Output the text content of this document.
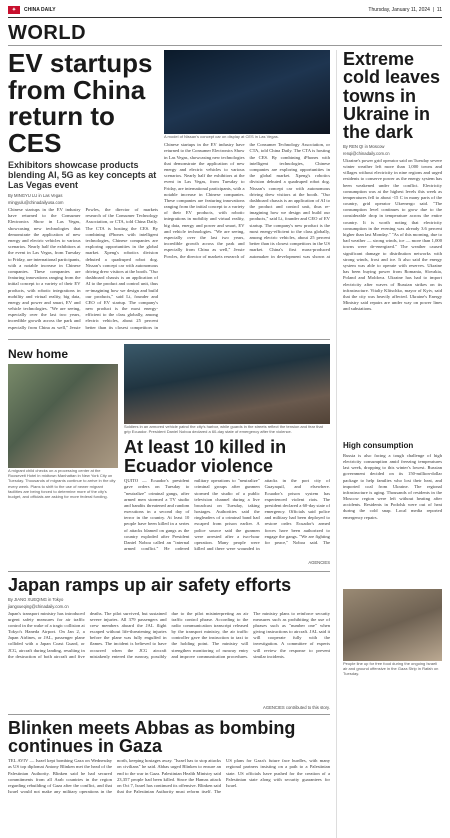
✦	CHINA DAILY	Thursday, January 11, 2024  |  11
WORLD
EV startups from China return to CES
Exhibitors showcase products blending AI, 5G as key concepts at Las Vegas event
By MINGYU LU in Las Vegas
mingyulu@chinadailyusa.com

Chinese startups in the EV industry have returned to the Consumer Electronics Show in Las Vegas, showcasing new technologies that demonstrate the application of new energy and electric vehicles to various scenarios. Nearly half the exhibitors at the event in Las Vegas, from Tuesday to Friday, are international participants, with a notable increase in Chinese companies. These companies are featuring innovations ranging from the initial concept to a variety of their EV products, with robotic integrations in mobility and virtual reality, big data, energy and power and smart, EV and vehicle technologies. "We are seeing, especially over the last two years, incredible growth across the park and especially from China as well," Jessie Powles, the director of markets research of the Consumer Technology Association, or CTA, told China Daily. The CTA is hosting the CES. By combining iPhones with intelligent technologies, Chinese companies are exploring opportunities in the global market. Xpeng's robotics division debuted a quadruped robot dog. Nissan’s concept car with autonomous driving drew visitors at the booth. "Our dashboard chassis is an application of AI to the product and control unit, thus re-imagining how we design and build our products," said Li, founder and CEO of EV startup. The company's new product is the most energy-efficient to the class globally, among electric vehicles, about 25 percent better than its closest competitors in

A model of Nissan's concept car on display at CES in Las Vegas.

Chinese startups in the EV industry have returned to the Consumer Electronics Show in Las Vegas, showcasing new technologies that demonstrate the application of new energy and electric vehicles to various scenarios. Nearly half the exhibitors at the event in Las Vegas, from Tuesday to Friday, are international participants, with a notable increase in Chinese companies. These companies are featuring innovations ranging from the initial concept to a variety of their EV products, with robotic integrations in mobility and virtual reality, big data, energy and power and smart, EV and vehicle technologies. "We are seeing, especially over the last two years, incredible growth across the park and especially from China as well," Jessie Powles, the director of markets research of the Consumer Technology Association, or CTA, told China Daily. The CTA is hosting the CES. By combining iPhones with intelligent technologies, Chinese companies are exploring opportunities in the global market. Xpeng's robotics division debuted a quadruped robot dog. Nissan’s concept car with autonomous driving drew visitors at the booth. "Our dashboard chassis is an application of AI to the product and control unit, thus re-imagining how we design and build our products," said Li, founder and CEO of EV startup. The company's new product is the most energy-efficient to the class globally, among electric vehicles, about 25 percent better than its closest competitors in the US market. China's first mass-produced automaker in development was shown at

New home
A migrant child checks on a processing center at the Roosevelt Hotel in midtown Manhattan in New York City on Tuesday. Thousands of migrants continue to arrive in the city every week. Plans to shift to the use of newer migrant facilities are being forced to determine more of the city's budget, and officials are asking for more federal funding.
Soldiers in an armored vehicle patrol the city's harbor, while guards in the streets reflect the tension and fear that grip Ecuador. President Daniel Noboa declared a 60-day state of emergency after the violence.
At least 10 killed in Ecuador violence

QUITO — Ecuador's president gave orders on Tuesday to "neutralize" criminal gangs, after armed men stormed a TV studio and bandits threatened and random executions in a second day of terror in the country. At least 10 people have been killed in a series of attacks blamed on gangs as the country exploded after President Daniel Noboa called an "internal armed conflict." He ordered military operations to "neutralize" criminal groups after gunmen stormed the studio of a public television channel during a live broadcast on Tuesday, taking hostages. Authorities said the ringleaders of a criminal band had escaped from prison earlier. A police source said the gunmen were arrested after a two-hour operation. Many people were killed and there were wounded in attacks in the port city of Guayaquil, and elsewhere. Ecuador's prison system has experienced violent riots. The president declared a 60-day state of emergency. Officials said police and military had been deployed to restore order. Ecuador's armed forces have been authorized to engage the gangs. "We are fighting for peace," Noboa said. The

AGENCIES
Japan ramps up air safety efforts
By JIANG XUEQING in Tokyo
jiangxueqing@chinadaily.com.cn

Japan's transport ministry has introduced urgent safety measures for air traffic control in the wake of a tragic collision at Tokyo's Haneda Airport. On Jan 2, a Japan Airlines, or JAL, passenger plane collided with a Japan Coast Guard, or JCG, aircraft during landing, resulting in the destruction of both aircraft and five deaths. The pilot survived, but sustained severe injuries. All 379 passengers and crew members aboard the JAL flight escaped without life-threatening injuries before the plane was fully engulfed in flames. The incident is believed to have occurred when the JCG aircraft mistakenly entered the runway, possibly due to the pilot misinterpreting an air traffic control phrase. According to the radio communication transcript released by the transport ministry, the air traffic controller gave the instruction to taxi to the holding point. The ministry will strengthen monitoring of runway entry and improve communication procedures. The ministry plans to reinforce security measures such as prohibiting the use of phrases such as "number one" when giving instructions to aircraft. JAL said it will cooperate fully with the investigation. A committee of experts will review the response to prevent similar incidents.

AGENCIES contributed to this story.
Blinken meets Abbas as bombing continues in Gaza

TEL AVIV — Israel kept bombing Gaza on Wednesday as US top diplomat Antony Blinken met the head of the Palestinian Authority. Blinken said he had secured commitments from all Arab countries in the region regarding rebuilding of Gaza after the conflict, and that Israel would not make any military operations in the north, keeping hostages away. "Israel has to stop attacks on civilians" he said. Abbas urged Blinken to ensure an end to the war in Gaza. Palestinian Health Ministry said 23,357 people had been killed. Since the Hamas attack on Oct 7, Israel has continued its offensive. Blinken said that the Palestinian Authority must reform itself. The US plans for Gaza's future face hurdles, with many regional partners insisting on a path to a Palestinian state. US officials have pushed for the creation of a Palestinian state along with security guarantees for Israel.

Extreme cold leaves towns in Ukraine in the dark
By REN QI in Moscow
renqi@chinadaily.com.cn

Ukraine's power grid operator said on Tuesday severe winter weather left more than 1,000 towns and villages without electricity in nine regions and urged residents to conserve power as the energy system has been weakened under the conflict. Electricity consumption was at the highest levels this week as temperatures fell to about -15 C in many parts of the country, grid operator Ukrenergo said. "The consumption level continues to grow due to the considerable drop in temperature across the entire country. It is worth noting that electricity consumption in the evening was already 3.6 percent higher than last Monday." "As of this morning, due to bad weather — strong winds, ice — more than 1,000 towns were de-energized." The weather caused significant damage to distribution networks with strong winds, frost and ice. It also said the energy system was able to operate with reserves. Ukraine has been buying power from Romania, Slovakia, Poland and Moldova. Ukraine has had to import electricity after waves of Russian strikes on its infrastructure. Vitaliy Klitschko, mayor of Kyiv, said that the city was heavily affected. Ukraine's Energy Ministry said repairs are under way on power lines and substations.

High consumption

Russia is also facing a tough challenge of high electricity consumption amid freezing temperatures last week, dropping to this winter's lowest. Russian government decided on its 150-million-dollar package to help families who lost their heat, and imported coal from Ukraine. The regional infrastructure is aging. Thousands of residents in the Moscow region were left without heating after accidents. Residents in Podolsk were out of heat during the cold snap. Local media reported emergency repairs.

People line up for free food during the ongoing Israeli air and ground offensive in the Gaza Strip in Rafah on Tuesday.
